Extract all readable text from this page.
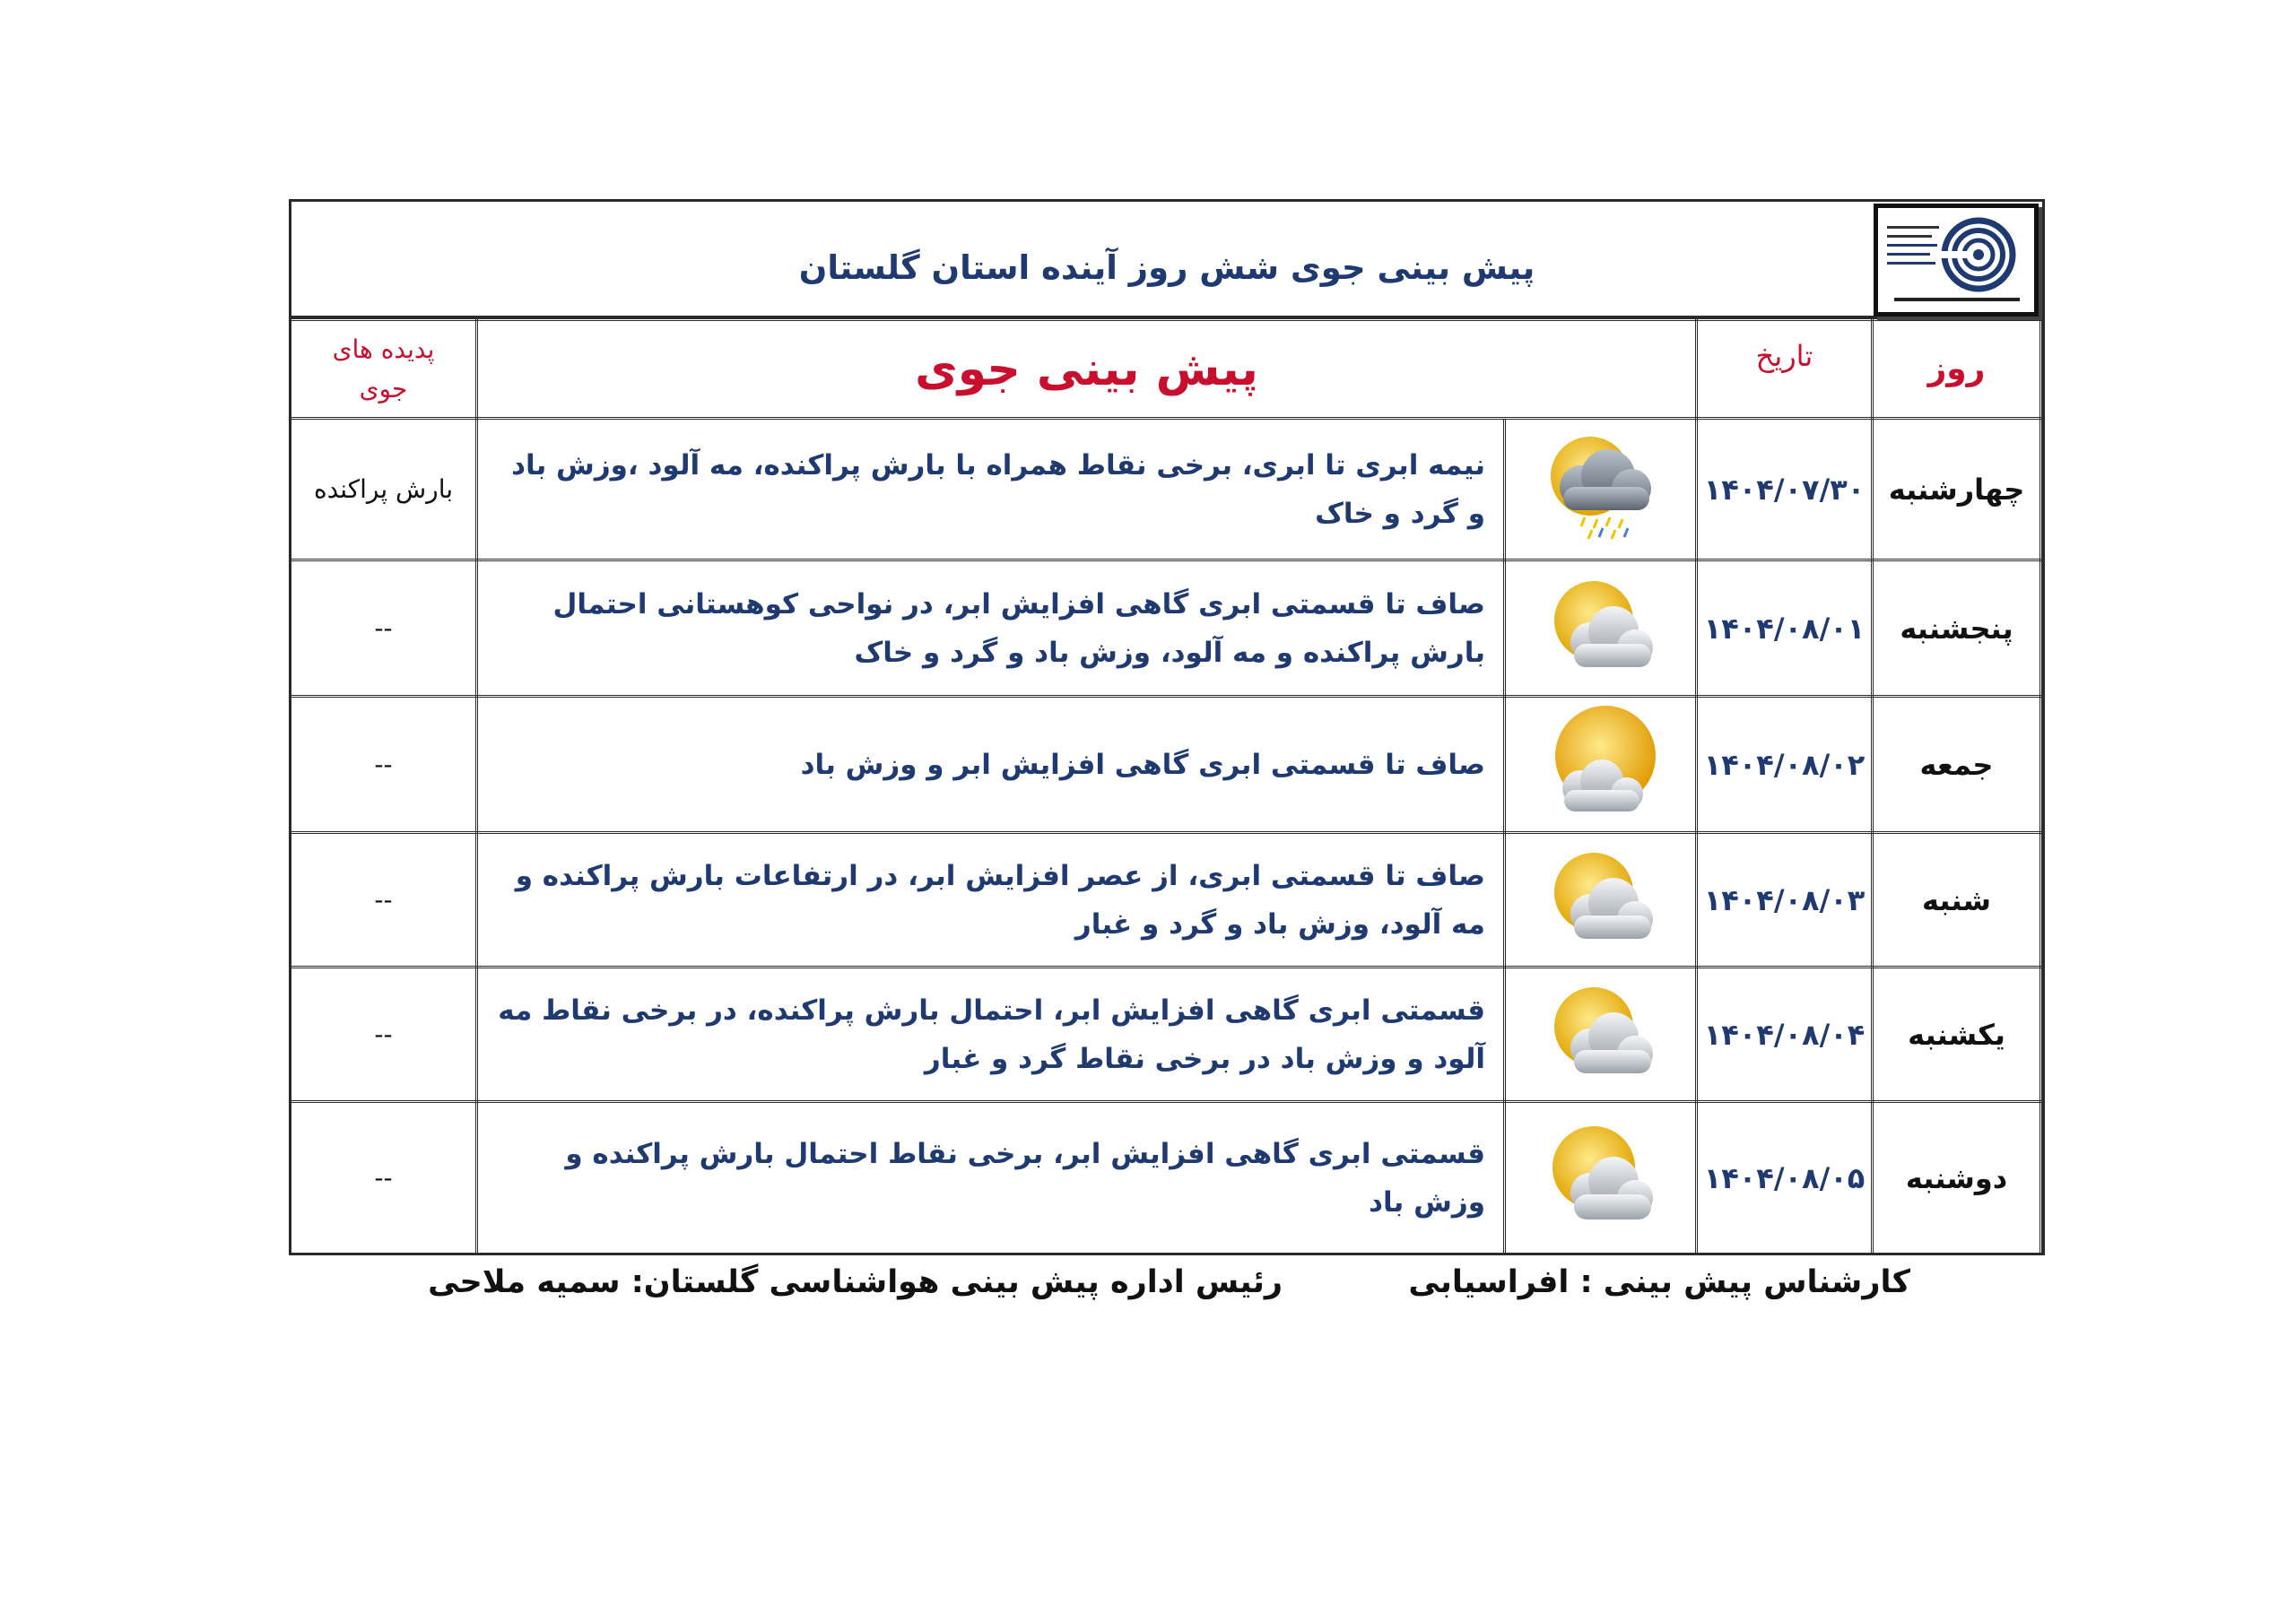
پیش بینی جوی شش روز آینده استان گلستان
روز	تاریخ	پیش بینی جوی		پدیده های
جوی

چهارشنبه	۱۴۰۴/۰۷/۳۰		نیمه ابری تا ابری، برخی نقاط همراه با بارش پراکنده، مه آلود ،وزش باد و گرد و خاک	بارش پراکنده
پنجشنبه	۱۴۰۴/۰۸/۰۱		صاف تا قسمتی ابری گاهی افزایش ابر، در نواحی کوهستانی احتمال بارش پراکنده و مه آلود، وزش باد و گرد و خاک	--
جمعه	۱۴۰۴/۰۸/۰۲		صاف تا قسمتی ابری گاهی افزایش ابر و وزش باد	--
شنبه	۱۴۰۴/۰۸/۰۳		صاف تا قسمتی ابری، از عصر افزایش ابر، در ارتفاعات بارش پراکنده و مه آلود، وزش باد و گرد و غبار	--
یکشنبه	۱۴۰۴/۰۸/۰۴		قسمتی ابری گاهی افزایش ابر، احتمال بارش پراکنده، در برخی نقاط مه آلود و وزش باد در برخی نقاط گرد و غبار	--
دوشنبه	۱۴۰۴/۰۸/۰۵		قسمتی ابری گاهی افزایش ابر، برخی نقاط احتمال بارش پراکنده و وزش باد	--
کارشناس پیش بینی : افراسیابی
رئیس اداره پیش بینی هواشناسی گلستان: سمیه ملاحی
